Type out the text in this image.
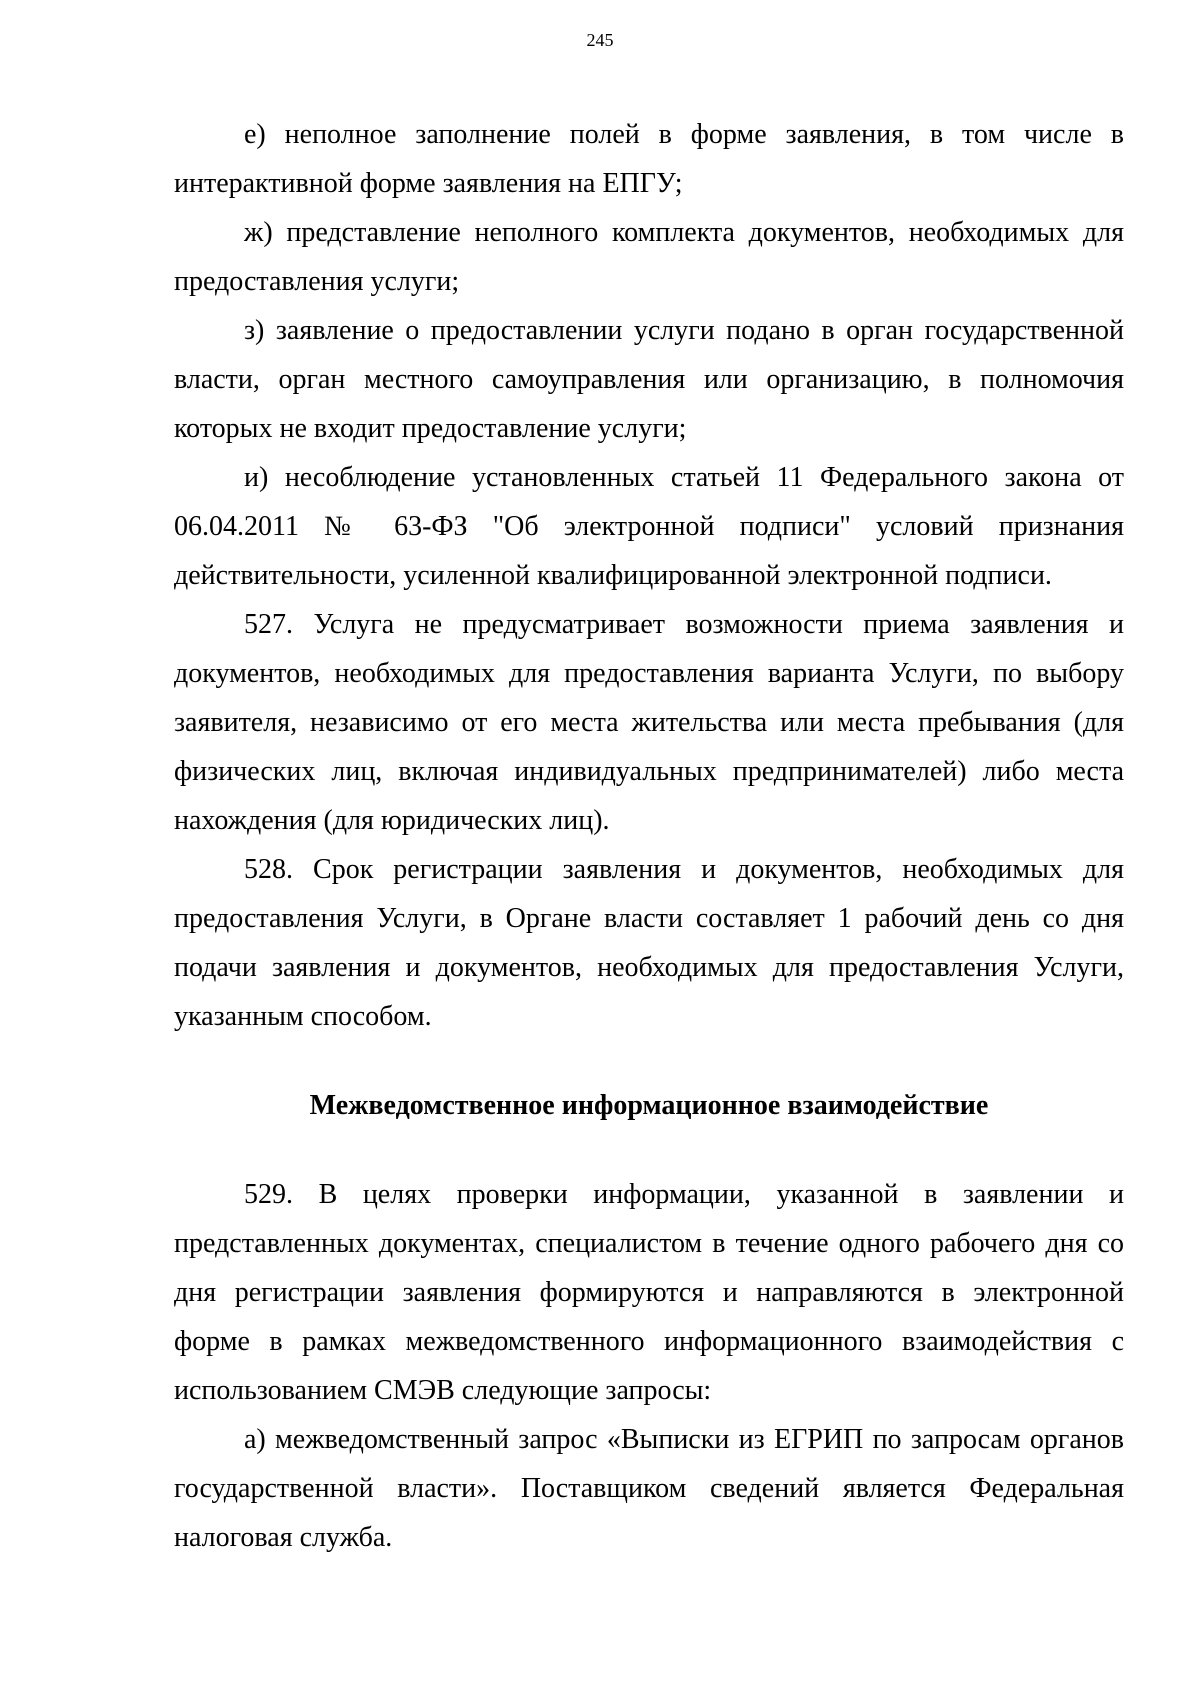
245

е) неполное заполнение полей в форме заявления, в том числе в интерактивной форме заявления на ЕПГУ;

ж) представление неполного комплекта документов, необходимых для предоставления услуги;

з) заявление о предоставлении услуги подано в орган государственной власти, орган местного самоуправления или организацию, в полномочия которых не входит предоставление услуги;

и) несоблюдение установленных статьей 11 Федерального закона от 06.04.2011 № 63-ФЗ "Об электронной подписи" условий признания действительности, усиленной квалифицированной электронной подписи.

527. Услуга не предусматривает возможности приема заявления и документов, необходимых для предоставления варианта Услуги, по выбору заявителя, независимо от его места жительства или места пребывания (для физических лиц, включая индивидуальных предпринимателей) либо места нахождения (для юридических лиц).

528. Срок регистрации заявления и документов, необходимых для предоставления Услуги, в Органе власти составляет 1 рабочий день со дня подачи заявления и документов, необходимых для предоставления Услуги, указанным способом.

Межведомственное информационное взаимодействие

529. В целях проверки информации, указанной в заявлении и представленных документах, специалистом в течение одного рабочего дня со дня регистрации заявления формируются и направляются в электронной форме в рамках межведомственного информационного взаимодействия с использованием СМЭВ следующие запросы:

а) межведомственный запрос «Выписки из ЕГРИП по запросам органов государственной власти». Поставщиком сведений является Федеральная налоговая служба.
